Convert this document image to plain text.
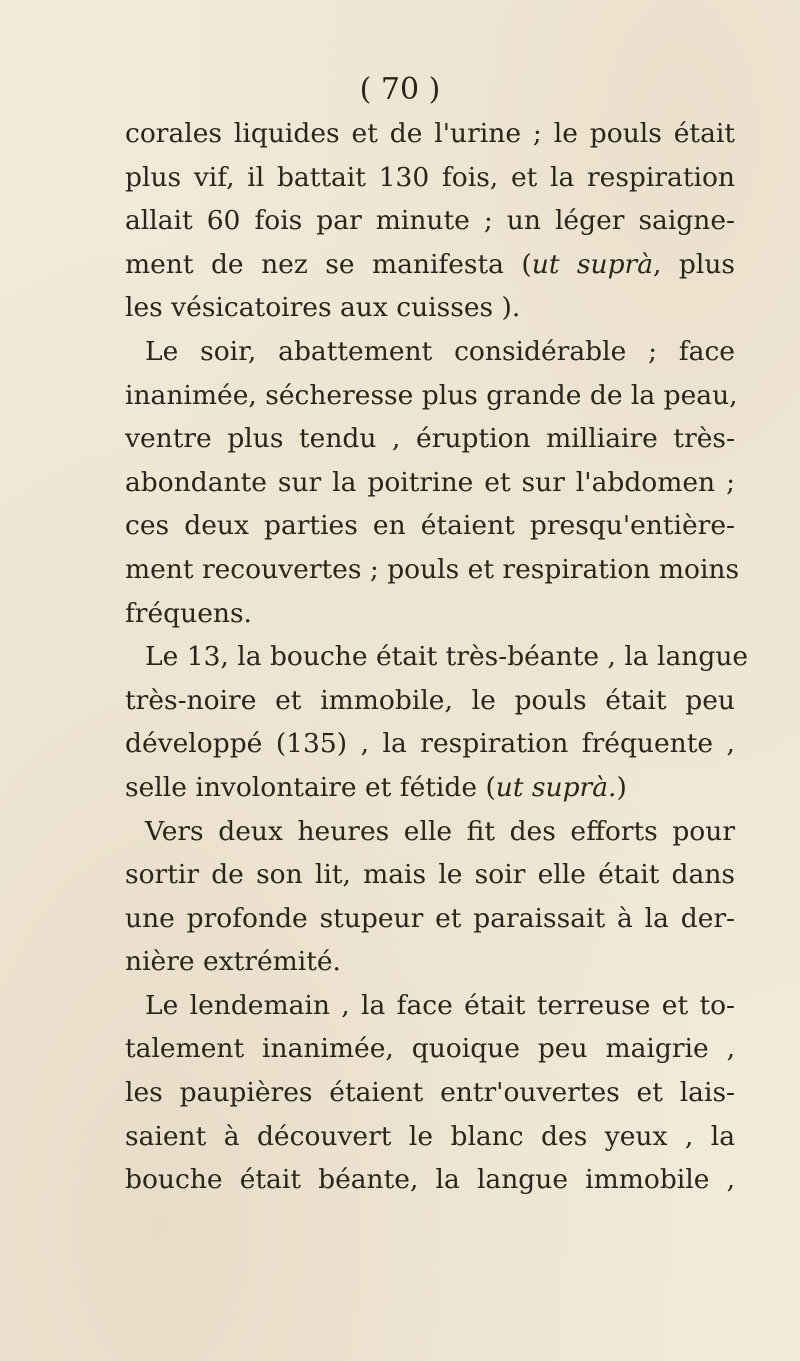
( 70 )
corales liquides et de l'urine ; le pouls était
plus vif, il battait 130 fois, et la respiration
allait 60 fois par minute ; un léger saigne-
ment de nez se manifesta (ut suprà, plus
les vésicatoires aux cuisses ).
Le soir, abattement considérable ; face
inanimée, sécheresse plus grande de la peau,
ventre plus tendu , éruption milliaire très-
abondante sur la poitrine et sur l'abdomen ;
ces deux parties en étaient presqu'entière-
ment recouvertes ; pouls et respiration moins
fréquens.
Le 13, la bouche était très-béante , la langue
très-noire et immobile, le pouls était peu
développé (135) , la respiration fréquente ,
selle involontaire et fétide (ut suprà.)
Vers deux heures elle fit des efforts pour
sortir de son lit, mais le soir elle était dans
une profonde stupeur et paraissait à la der-
nière extrémité.
Le lendemain , la face était terreuse et to-
talement inanimée, quoique peu maigrie ,
les paupières étaient entr'ouvertes et lais-
saient à découvert le blanc des yeux , la
bouche était béante, la langue immobile ,
